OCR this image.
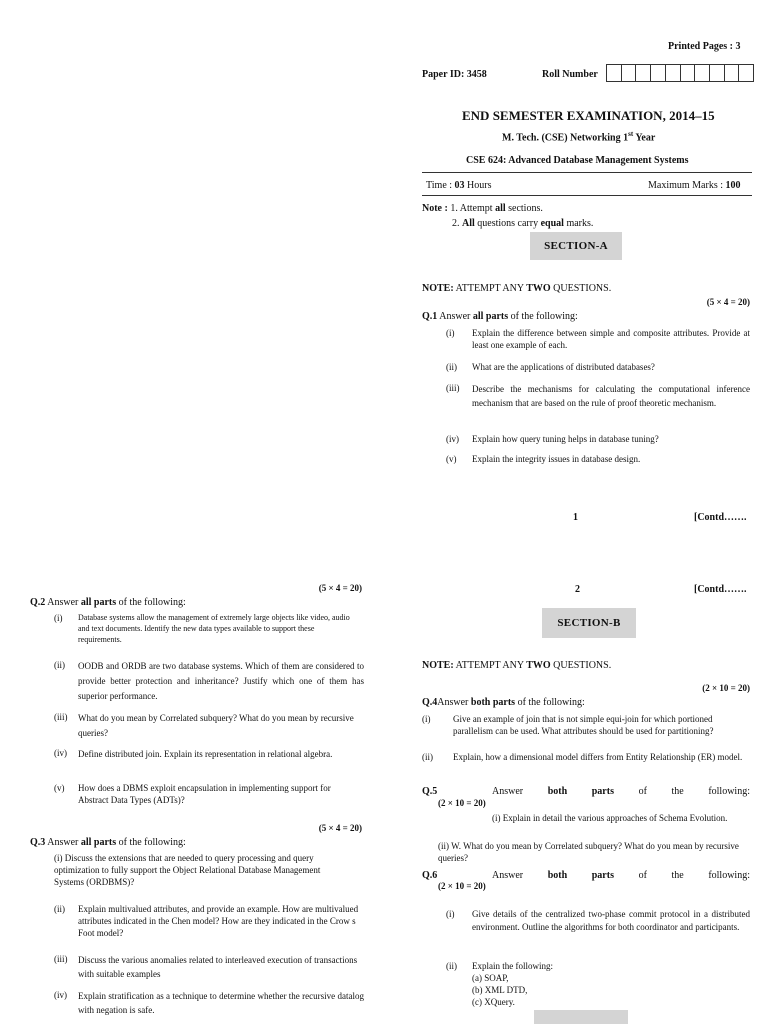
Printed Pages : 3
Paper ID: 3458	Roll Number
END SEMESTER EXAMINATION, 2014–15
M. Tech. (CSE) Networking 1st Year
CSE 624: Advanced Database Management Systems
Time : 03 Hours	Maximum Marks : 100
Note : 1. Attempt all sections.
2. All questions carry equal marks.
SECTION-A
NOTE: ATTEMPT ANY TWO QUESTIONS.
(5 × 4 = 20)
Q.1 Answer all parts of the following:
(i)	Explain the difference between simple and composite attributes. Provide at least one example of each.
(ii)	What are the applications of distributed databases?
(iii)	Describe the mechanisms for calculating the computational inference mechanism that are based on the rule of proof theoretic mechanism.
(iv)	Explain how query tuning helps in database tuning?
(v)	Explain the integrity issues in database design.
1	[Contd…….
(5 × 4 = 20)
Q.2 Answer all parts of the following:
(i)	Database systems allow the management of extremely large objects like video, audio and text documents. Identify the new data types available to support these requirements.
(ii)	OODB and ORDB are two database systems. Which of them are considered to provide better protection and inheritance? Justify which one of them has superior performance.
(iii)	What do you mean by Correlated subquery? What do you mean by recursive queries?
(iv)	Define distributed join. Explain its representation in relational algebra.
(v)	How does a DBMS exploit encapsulation in implementing support for Abstract Data Types (ADTs)?
(5 × 4 = 20)
Q.3 Answer all parts of the following:
(i) Discuss the extensions that are needed to query processing and query optimization to fully support the Object Relational Database Management Systems (ORDBMS)?
(ii)	Explain multivalued attributes, and provide an example. How are multivalued attributes indicated in the Chen model? How are they indicated in the Crow s Foot model?
(iii)	Discuss the various anomalies related to interleaved execution of transactions with suitable examples
(iv)	Explain stratification as a technique to determine whether the recursive datalog with negation is safe.
2	[Contd…….
SECTION-B
NOTE: ATTEMPT ANY TWO QUESTIONS.
(2 × 10 = 20)
Q.4Answer both parts of the following:
(i)	Give an example of join that is not simple equi-join for which portioned parallelism can be used. What attributes should be used for partitioning?
(ii)	Explain, how a dimensional model differs from Entity Relationship (ER) model.
Q.5	Answer both parts of the following:
(2 × 10 = 20)
(i) Explain in detail the various approaches of Schema Evolution.
(ii) W. What do you mean by Correlated subquery? What do you mean by recursive queries?
Q.6	Answer both parts of the following:
(2 × 10 = 20)
(i)	Give details of the centralized two-phase commit protocol in a distributed environment. Outline the algorithms for both coordinator and participants.
(ii)	Explain the following:
(a) SOAP,
(b) XML DTD,
(c) XQuery.
